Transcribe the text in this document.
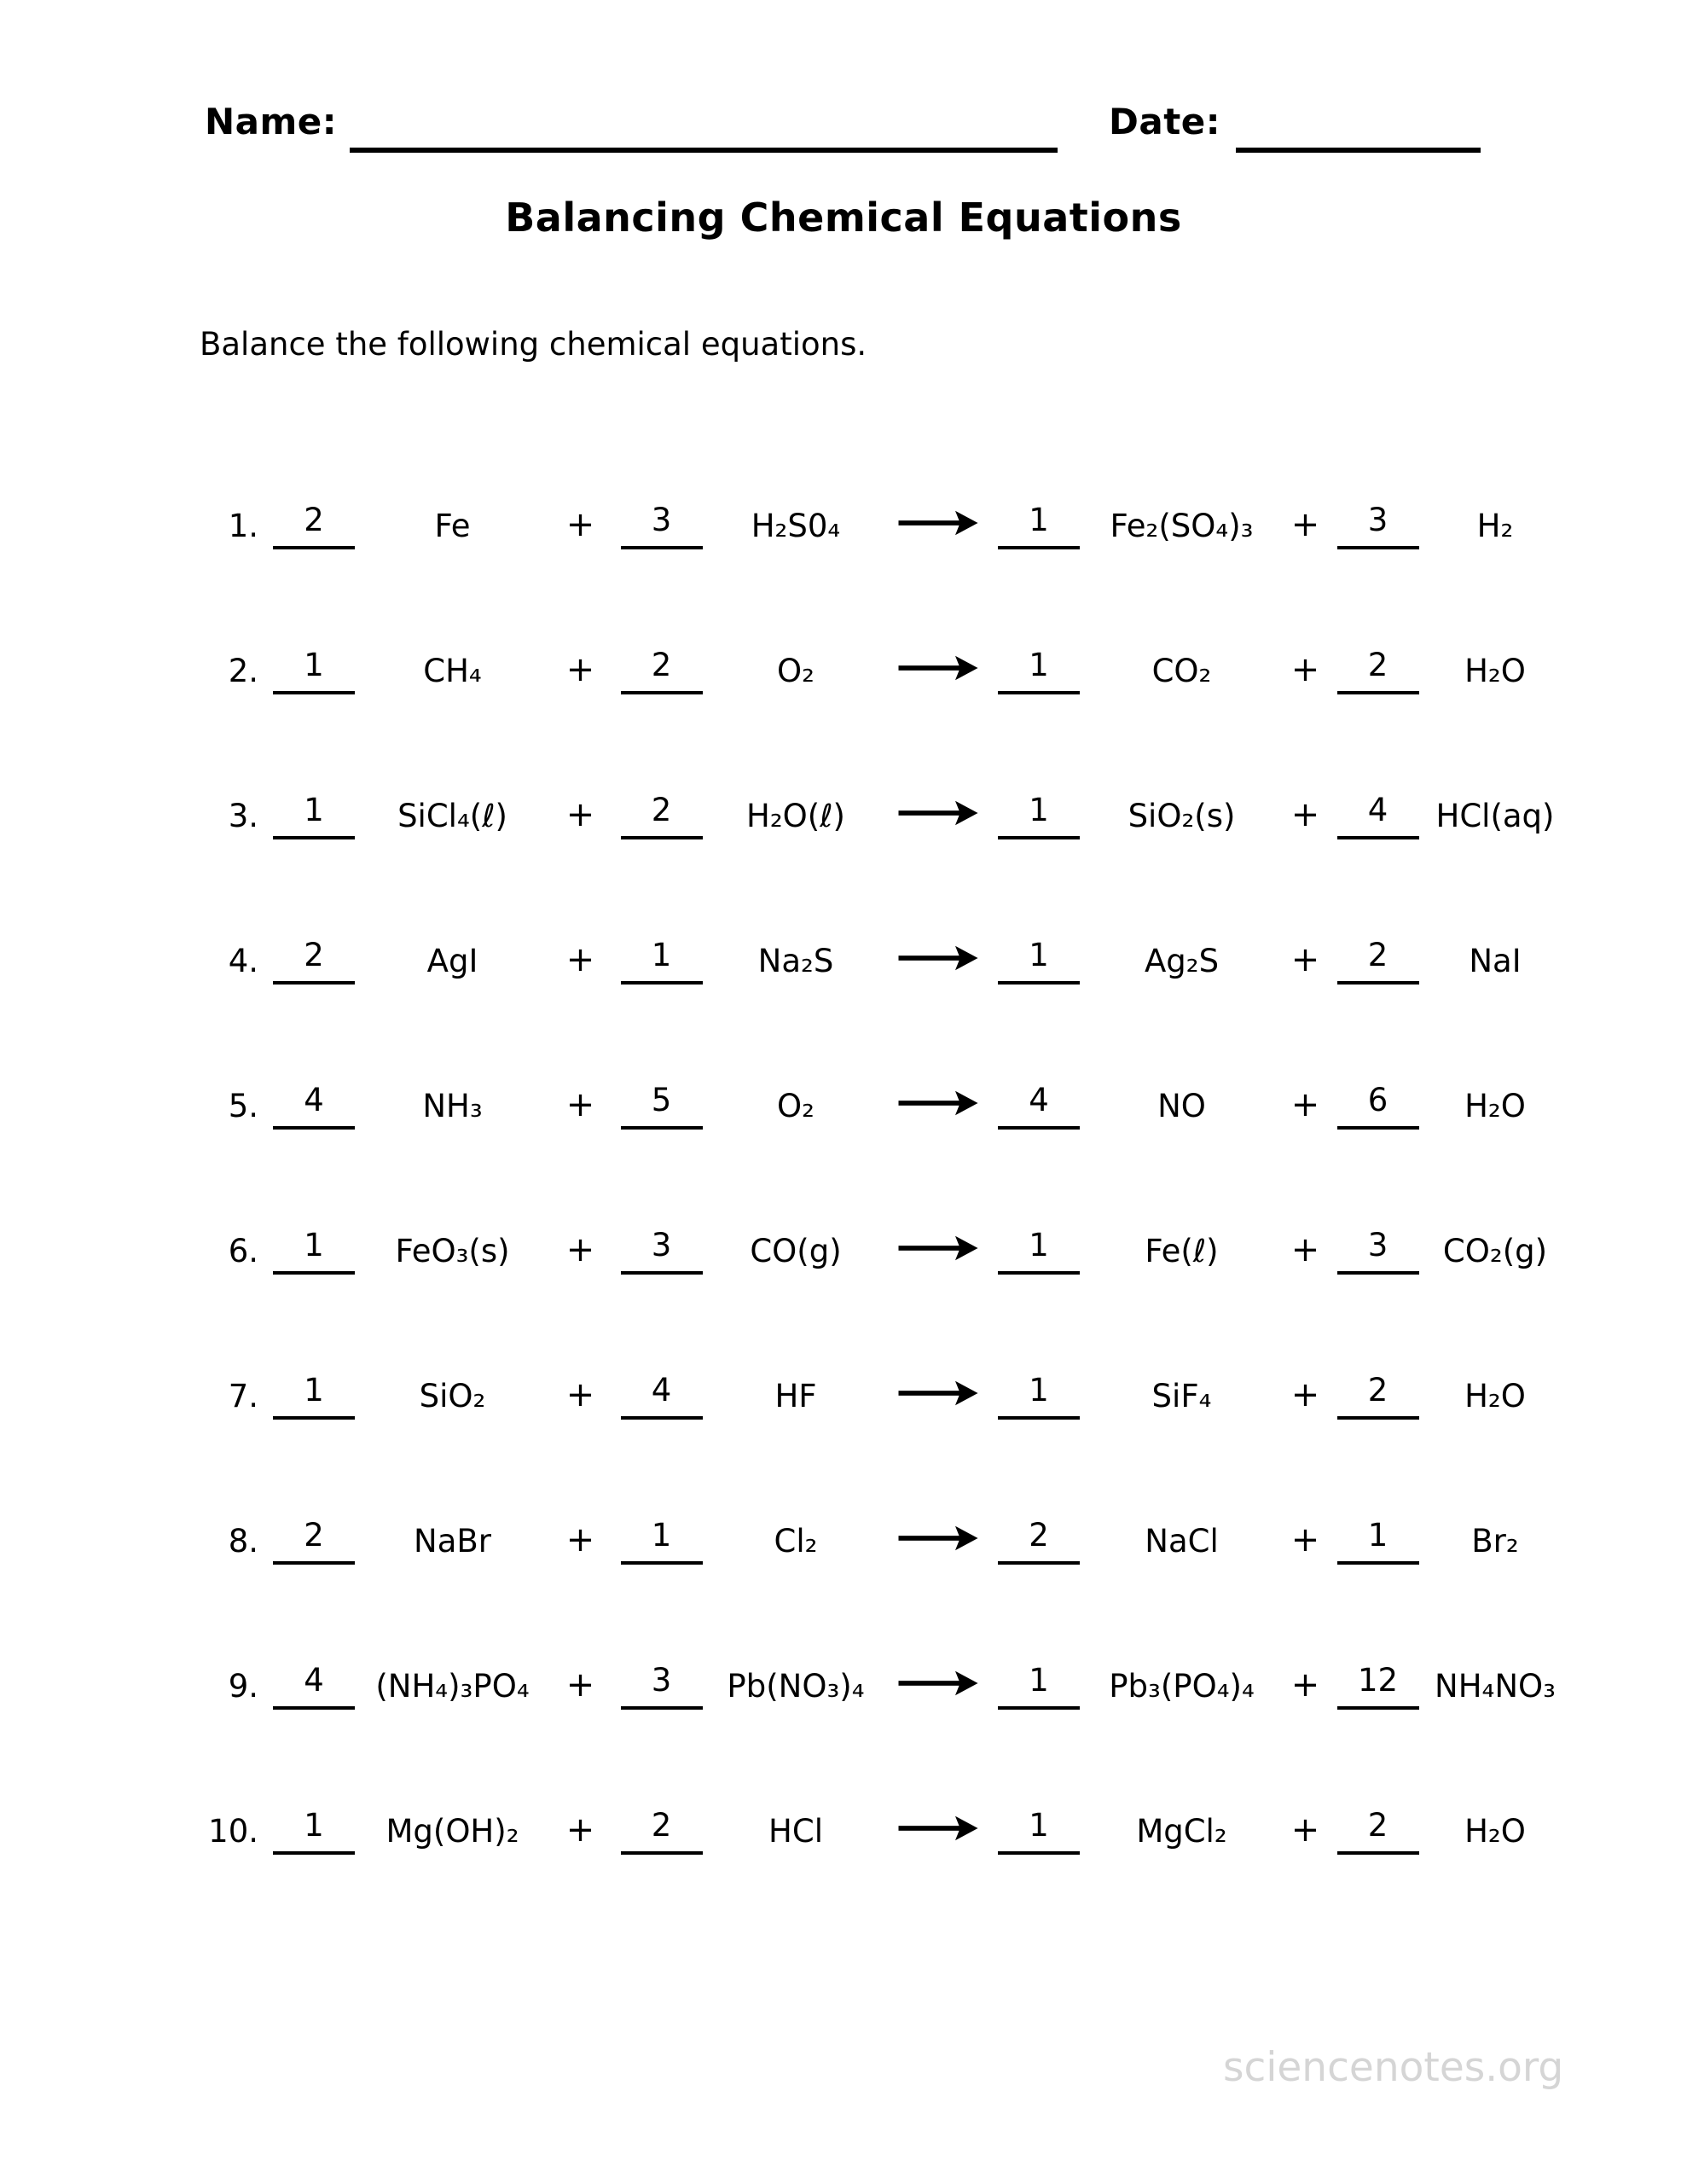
Name:	Date:
Balancing Chemical Equations
Balance the following chemical equations.
1.	2	Fe	+	3	H₂S0₄	1	Fe₂(SO₄)₃ +	3	H₂
2.	1	CH₄ +	2	O₂	1	CO₂ +	2	H₂O
3.	1	SiCl₄(ℓ) +	2	H₂O(ℓ)	1	SiO₂(s) +	4	HCl(aq)
4.	2	AgI	+	1	Na₂S	1	Ag₂S +	2	NaI
5.	4	NH₃ +	5	O₂	4	NO +	6	H₂O
6.	1	FeO₃(s) +	3	CO(g)	1	Fe(ℓ) +	3	CO₂(g)
7.	1	SiO₂ +	4	HF	1	SiF₄ +	2	H₂O
8.	2	NaBr +	1	Cl₂	2	NaCl +	1	Br₂
9.	4	(NH₄)₃PO₄ +	3	Pb(NO₃)₄ →	1	Pb₃(PO₄)₄ +	12	NH₄NO₃
10.	1	Mg(OH)₂ +	2	HCl	1	MgCl₂ +	2	H₂O
sciencenotes.org
